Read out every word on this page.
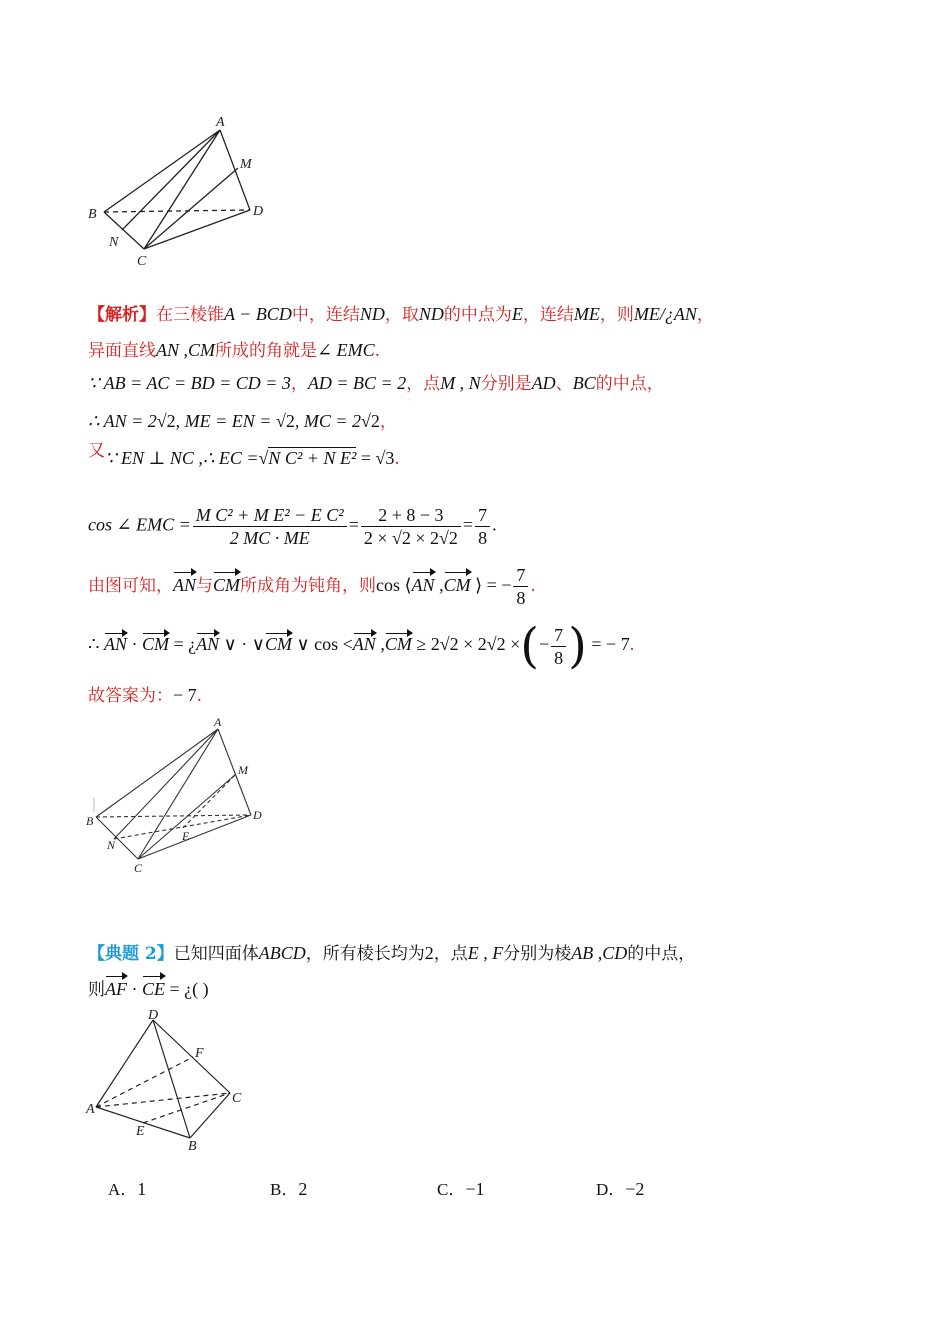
A
M
B	D
N
C
【解析】在三棱锥A − BCD中，连结ND，取ND的中点为E，连结ME，则ME/¿AN，
异面直线AN ,CM所成的角就是∠ EMC.
∵ AB = AC = BD = CD = 3，AD = BC = 2，点M , N分别是AD、BC的中点，
∴ AN = 2√2, ME = EN = √2, MC = 2√2，
又∵ EN ⊥ NC ,∴ EC =√N C² + N E² = √3.
cos ∠ EMC = $\frac{\text{M C² + M E² − E C²}}{2 MC \cdot ME} = \frac{2 + 8 - 3}{2 \times √2 \times 2√2} = \frac{7}{8}$ .
由图可知，AN与CM所成角为钝角，则cos ⟨AN ,CM ⟩ = − $\frac{7}{8}$ .
∴ AN · CM = ¿AN ∨ · ∨CM ∨ cos <AN ,CM ≥ 2√2 × 2√2 ×(− $\frac{7}{8}$ ) = − 7.
故答案为：− 7.
A
M
B	D
N
E
C
【典题 2】已知四面体ABCD，所有棱长均为2，点E , F分别为棱AB ,CD的中点，
则AF · CE = ¿( )
D
F
A
C
E
B
A．1	B．2	C．−1	D．−2
